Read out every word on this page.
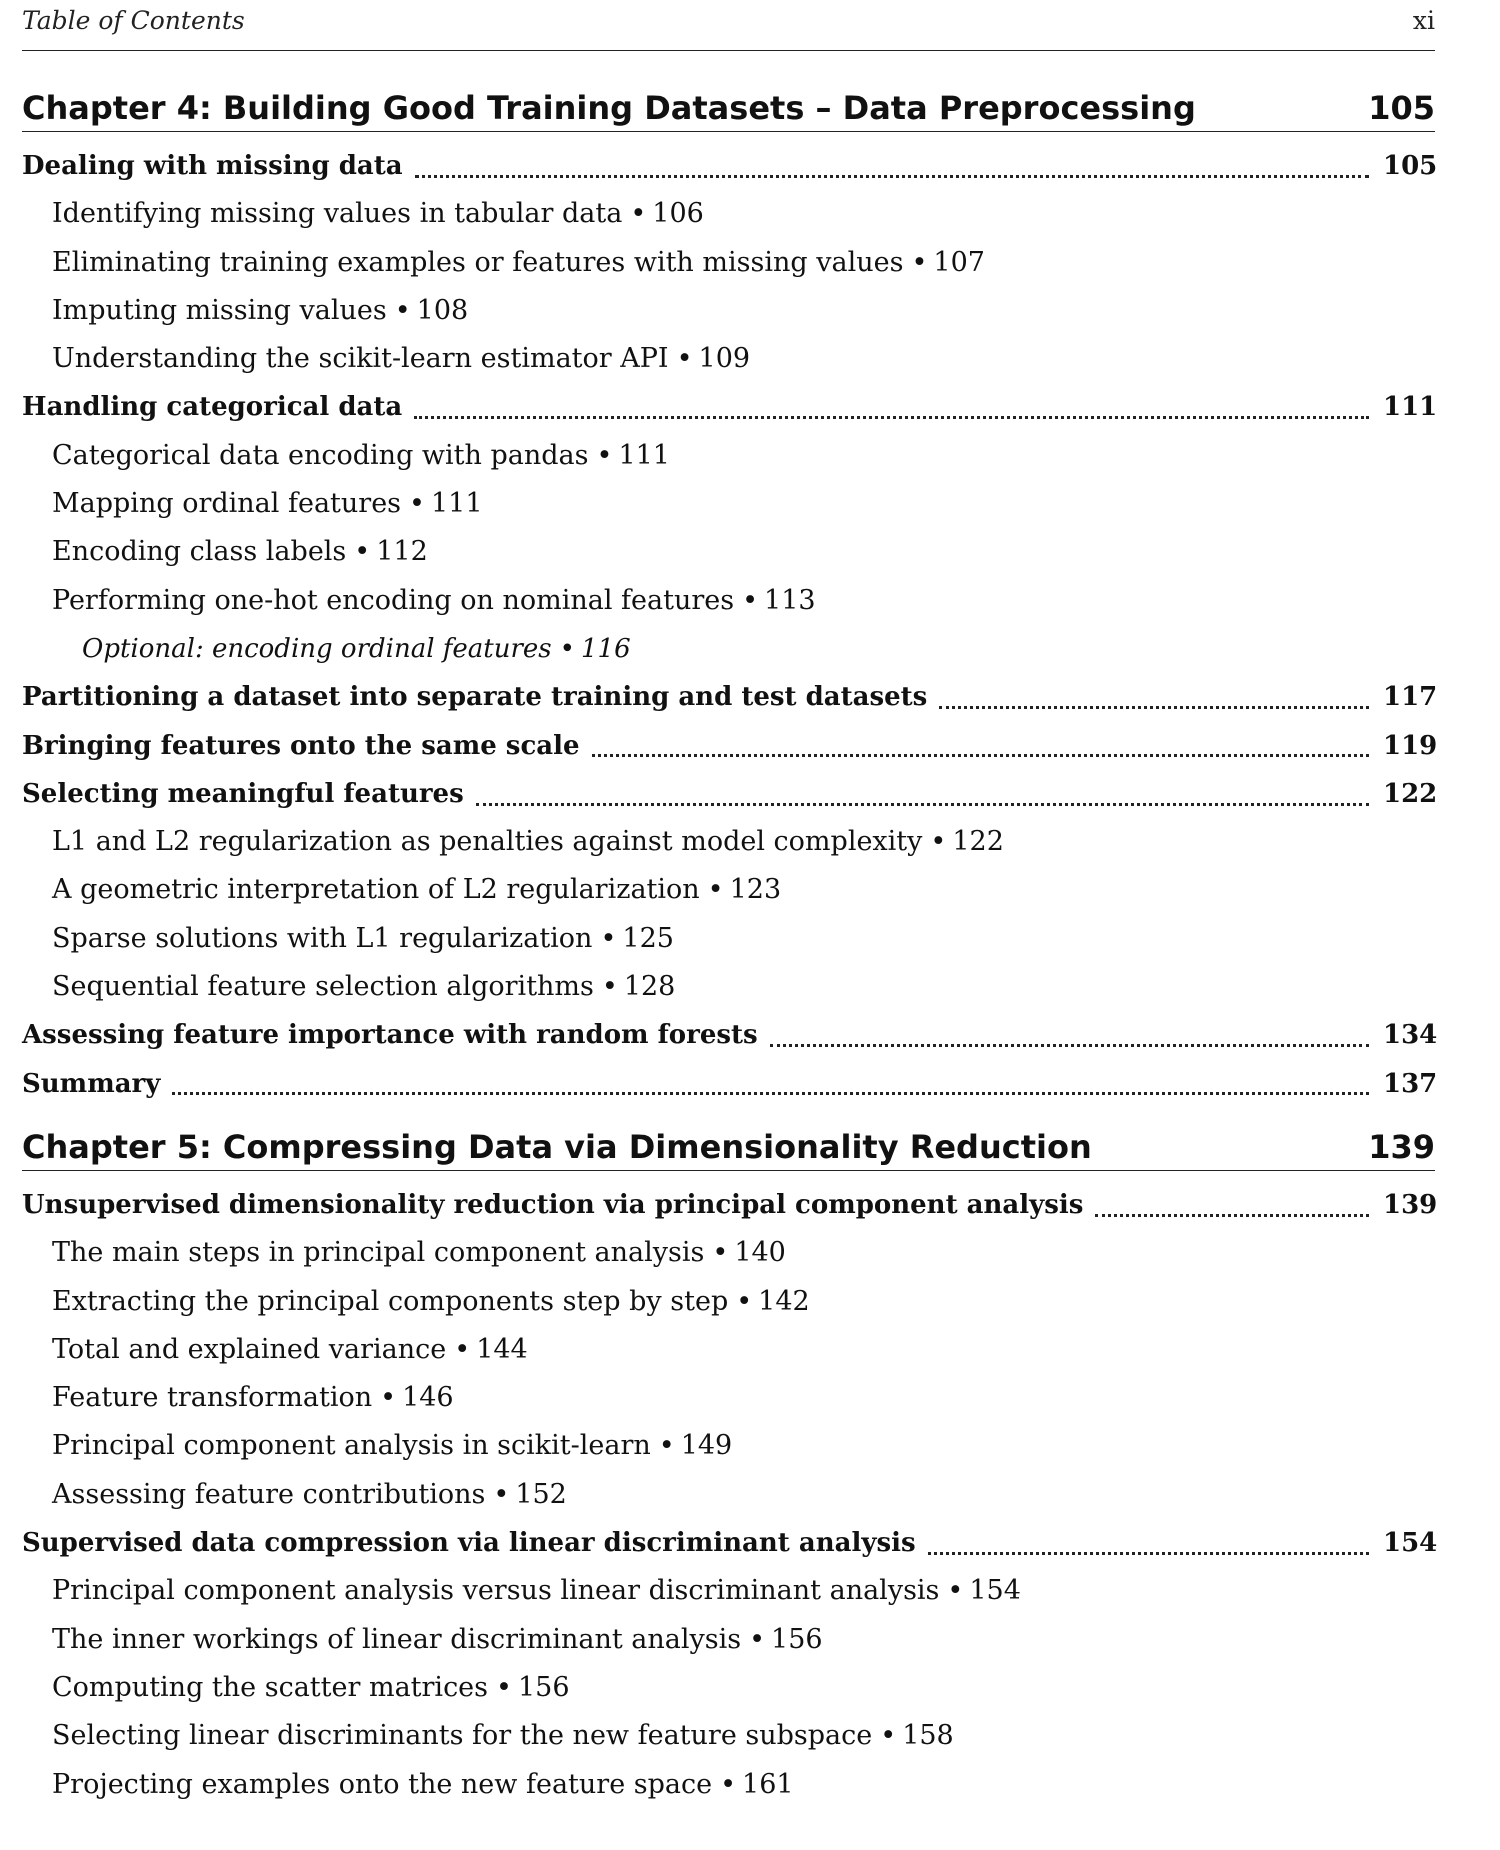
Table of Contents	xi
Chapter 4: Building Good Training Datasets – Data Preprocessing	105
Dealing with missing data	105
Identifying missing values in tabular data • 106
Eliminating training examples or features with missing values • 107
Imputing missing values • 108
Understanding the scikit-learn estimator API • 109
Handling categorical data	111
Categorical data encoding with pandas • 111
Mapping ordinal features • 111
Encoding class labels • 112
Performing one-hot encoding on nominal features • 113
Optional: encoding ordinal features • 116
Partitioning a dataset into separate training and test datasets	117
Bringing features onto the same scale	119
Selecting meaningful features	122
L1 and L2 regularization as penalties against model complexity • 122
A geometric interpretation of L2 regularization • 123
Sparse solutions with L1 regularization • 125
Sequential feature selection algorithms • 128
Assessing feature importance with random forests	134
Summary	137
Chapter 5: Compressing Data via Dimensionality Reduction	139
Unsupervised dimensionality reduction via principal component analysis	139
The main steps in principal component analysis • 140
Extracting the principal components step by step • 142
Total and explained variance • 144
Feature transformation • 146
Principal component analysis in scikit-learn • 149
Assessing feature contributions • 152
Supervised data compression via linear discriminant analysis	154
Principal component analysis versus linear discriminant analysis • 154
The inner workings of linear discriminant analysis • 156
Computing the scatter matrices • 156
Selecting linear discriminants for the new feature subspace • 158
Projecting examples onto the new feature space • 161
